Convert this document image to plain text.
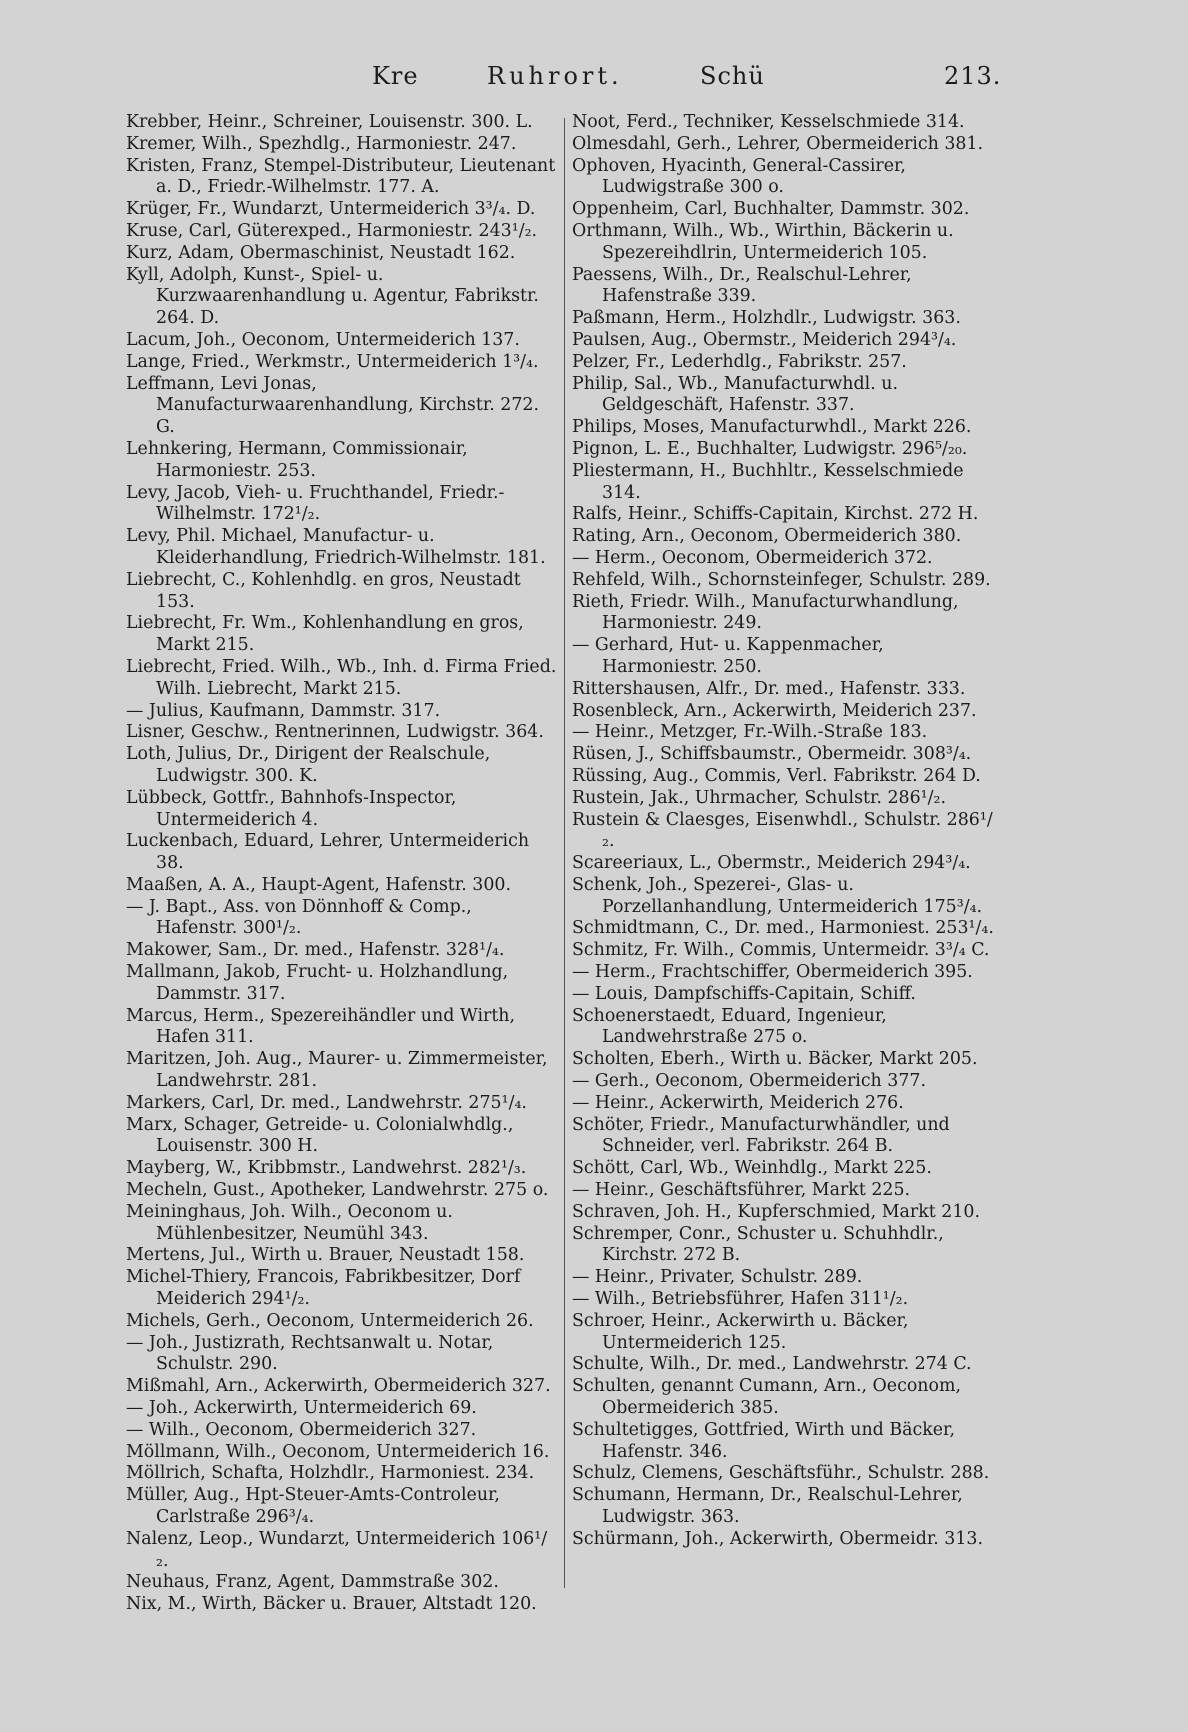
Kre	Ruhrort.	Schü	213.

Krebber, Heinr., Schreiner, Louisenstr. 300. L.

Kremer, Wilh., Spezhdlg., Harmoniestr. 247.

Kristen, Franz, Stempel-Distributeur, Lieutenant a. D., Friedr.-Wilhelmstr. 177. A.

Krüger, Fr., Wundarzt, Untermeiderich 3³/₄. D.

Kruse, Carl, Güterexped., Harmoniestr. 243¹/₂.

Kurz, Adam, Obermaschinist, Neustadt 162.

Kyll, Adolph, Kunst-, Spiel- u. Kurzwaarenhandlung u. Agentur, Fabrikstr. 264. D.

Lacum, Joh., Oeconom, Untermeiderich 137.

Lange, Fried., Werkmstr., Untermeiderich 1³/₄.

Leffmann, Levi Jonas, Manufacturwaarenhandlung, Kirchstr. 272. G.

Lehnkering, Hermann, Commissionair, Harmoniestr. 253.

Levy, Jacob, Vieh- u. Fruchthandel, Friedr.-Wilhelmstr. 172¹/₂.

Levy, Phil. Michael, Manufactur- u. Kleiderhandlung, Friedrich-Wilhelmstr. 181.

Liebrecht, C., Kohlenhdlg. en gros, Neustadt 153.

Liebrecht, Fr. Wm., Kohlenhandlung en gros, Markt 215.

Liebrecht, Fried. Wilh., Wb., Inh. d. Firma Fried. Wilh. Liebrecht, Markt 215.

— Julius, Kaufmann, Dammstr. 317.

Lisner, Geschw., Rentnerinnen, Ludwigstr. 364.

Loth, Julius, Dr., Dirigent der Realschule, Ludwigstr. 300. K.

Lübbeck, Gottfr., Bahnhofs-Inspector, Untermeiderich 4.

Luckenbach, Eduard, Lehrer, Untermeiderich 38.

Maaßen, A. A., Haupt-Agent, Hafenstr. 300.

— J. Bapt., Ass. von Dönnhoff & Comp., Hafenstr. 300¹/₂.

Makower, Sam., Dr. med., Hafenstr. 328¹/₄.

Mallmann, Jakob, Frucht- u. Holzhandlung, Dammstr. 317.

Marcus, Herm., Spezereihändler und Wirth, Hafen 311.

Maritzen, Joh. Aug., Maurer- u. Zimmermeister, Landwehrstr. 281.

Markers, Carl, Dr. med., Landwehrstr. 275¹/₄.

Marx, Schager, Getreide- u. Colonialwhdlg., Louisenstr. 300 H.

Mayberg, W., Kribbmstr., Landwehrst. 282¹/₃.

Mecheln, Gust., Apotheker, Landwehrstr. 275 o.

Meininghaus, Joh. Wilh., Oeconom u. Mühlenbesitzer, Neumühl 343.

Mertens, Jul., Wirth u. Brauer, Neustadt 158.

Michel-Thiery, Francois, Fabrikbesitzer, Dorf Meiderich 294¹/₂.

Michels, Gerh., Oeconom, Untermeiderich 26.

— Joh., Justizrath, Rechtsanwalt u. Notar, Schulstr. 290.

Mißmahl, Arn., Ackerwirth, Obermeiderich 327.

— Joh., Ackerwirth, Untermeiderich 69.

— Wilh., Oeconom, Obermeiderich 327.

Möllmann, Wilh., Oeconom, Untermeiderich 16.

Möllrich, Schafta, Holzhdlr., Harmoniest. 234.

Müller, Aug., Hpt-Steuer-Amts-Controleur, Carlstraße 296³/₄.

Nalenz, Leop., Wundarzt, Untermeiderich 106¹/₂.

Neuhaus, Franz, Agent, Dammstraße 302.

Nix, M., Wirth, Bäcker u. Brauer, Altstadt 120.

Noot, Ferd., Techniker, Kesselschmiede 314.

Olmesdahl, Gerh., Lehrer, Obermeiderich 381.

Ophoven, Hyacinth, General-Cassirer, Ludwigstraße 300 o.

Oppenheim, Carl, Buchhalter, Dammstr. 302.

Orthmann, Wilh., Wb., Wirthin, Bäckerin u. Spezereihdlrin, Untermeiderich 105.

Paessens, Wilh., Dr., Realschul-Lehrer, Hafenstraße 339.

Paßmann, Herm., Holzhdlr., Ludwigstr. 363.

Paulsen, Aug., Obermstr., Meiderich 294³/₄.

Pelzer, Fr., Lederhdlg., Fabrikstr. 257.

Philip, Sal., Wb., Manufacturwhdl. u. Geldgeschäft, Hafenstr. 337.

Philips, Moses, Manufacturwhdl., Markt 226.

Pignon, L. E., Buchhalter, Ludwigstr. 296⁵/₂₀.

Pliestermann, H., Buchhltr., Kesselschmiede 314.

Ralfs, Heinr., Schiffs-Capitain, Kirchst. 272 H.

Rating, Arn., Oeconom, Obermeiderich 380.

— Herm., Oeconom, Obermeiderich 372.

Rehfeld, Wilh., Schornsteinfeger, Schulstr. 289.

Rieth, Friedr. Wilh., Manufacturwhandlung, Harmoniestr. 249.

— Gerhard, Hut- u. Kappenmacher, Harmoniestr. 250.

Rittershausen, Alfr., Dr. med., Hafenstr. 333.

Rosenbleck, Arn., Ackerwirth, Meiderich 237.

— Heinr., Metzger, Fr.-Wilh.-Straße 183.

Rüsen, J., Schiffsbaumstr., Obermeidr. 308³/₄.

Rüssing, Aug., Commis, Verl. Fabrikstr. 264 D.

Rustein, Jak., Uhrmacher, Schulstr. 286¹/₂.

Rustein & Claesges, Eisenwhdl., Schulstr. 286¹/₂.

Scareeriaux, L., Obermstr., Meiderich 294³/₄.

Schenk, Joh., Spezerei-, Glas- u. Porzellanhandlung, Untermeiderich 175³/₄.

Schmidtmann, C., Dr. med., Harmoniest. 253¹/₄.

Schmitz, Fr. Wilh., Commis, Untermeidr. 3³/₄ C.

— Herm., Frachtschiffer, Obermeiderich 395.

— Louis, Dampfschiffs-Capitain, Schiff.

Schoenerstaedt, Eduard, Ingenieur, Landwehrstraße 275 o.

Scholten, Eberh., Wirth u. Bäcker, Markt 205.

— Gerh., Oeconom, Obermeiderich 377.

— Heinr., Ackerwirth, Meiderich 276.

Schöter, Friedr., Manufacturwhändler, und Schneider, verl. Fabrikstr. 264 B.

Schött, Carl, Wb., Weinhdlg., Markt 225.

— Heinr., Geschäftsführer, Markt 225.

Schraven, Joh. H., Kupferschmied, Markt 210.

Schremper, Conr., Schuster u. Schuhhdlr., Kirchstr. 272 B.

— Heinr., Privater, Schulstr. 289.

— Wilh., Betriebsführer, Hafen 311¹/₂.

Schroer, Heinr., Ackerwirth u. Bäcker, Untermeiderich 125.

Schulte, Wilh., Dr. med., Landwehrstr. 274 C.

Schulten, genannt Cumann, Arn., Oeconom, Obermeiderich 385.

Schultetigges, Gottfried, Wirth und Bäcker, Hafenstr. 346.

Schulz, Clemens, Geschäftsführ., Schulstr. 288.

Schumann, Hermann, Dr., Realschul-Lehrer, Ludwigstr. 363.

Schürmann, Joh., Ackerwirth, Obermeidr. 313.
